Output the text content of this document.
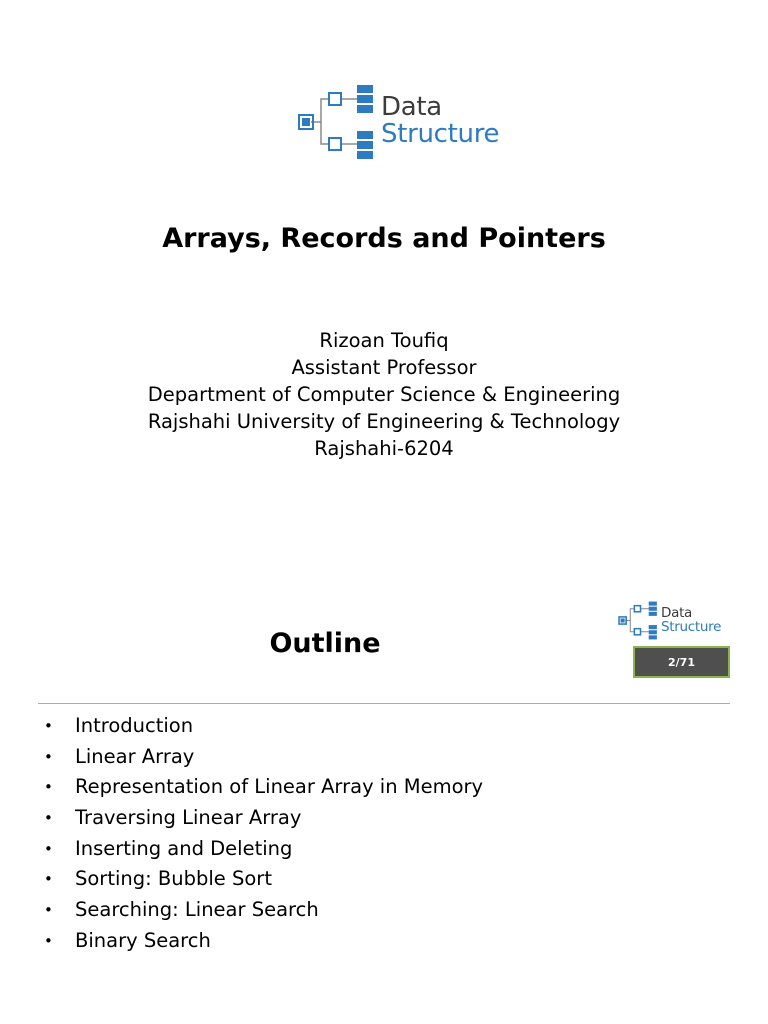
Data
Structure
Arrays, Records and Pointers
Rizoan Toufiq
Assistant Professor
Department of Computer Science & Engineering
Rajshahi University of Engineering & Technology
Rajshahi-6204
Data
Structure
Outline
2/71
• Introduction
• Linear Array
• Representation of Linear Array in Memory
• Traversing Linear Array
• Inserting and Deleting
• Sorting: Bubble Sort
• Searching: Linear Search
• Binary Search
